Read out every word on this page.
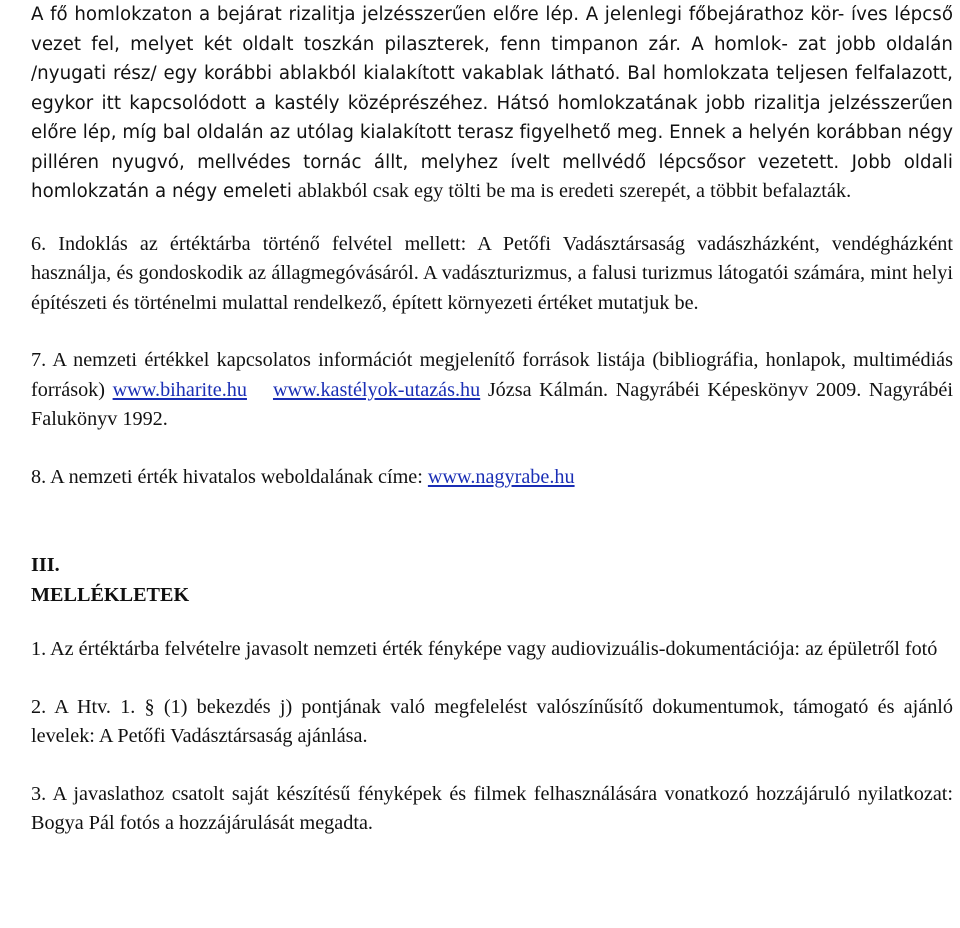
A fő homlokzaton a bejárat rizalitja jelzésszerűen előre lép. A jelenlegi főbejárathoz kör- íves lépcső vezet fel, melyet két oldalt toszkán pilaszterek, fenn timpanon zár. A homlok- zat jobb oldalán /nyugati rész/ egy korábbi ablakból kialakított vakablak látható. Bal homlokzata teljesen felfalazott, egykor itt kapcsolódott a kastély középrészéhez. Hátsó homlokzatának jobb rizalitja jelzésszerűen előre lép, míg bal oldalán az utólag kialakított terasz figyelhető meg. Ennek a helyén korábban négy pilléren nyugvó, mellvédes tornác állt, melyhez ívelt mellvédő lépcsősor vezetett. Jobb oldali homlokzatán a négy emeleti ablakból csak egy tölti be ma is eredeti szerepét, a többit befalazták.

6. Indoklás az értéktárba történő felvétel mellett: A Petőfi Vadásztársaság vadászházként, vendégházként használja, és gondoskodik az állagmegóvásáról. A vadászturizmus, a falusi turizmus látogatói számára, mint helyi építészeti és történelmi mulattal rendelkező, épített környezeti értéket mutatjuk be.

7. A nemzeti értékkel kapcsolatos információt megjelenítő források listája (bibliográfia, honlapok, multimédiás források) www.biharite.hu www.kastélyok-utazás.hu Józsa Kálmán. Nagyrábéi Képeskönyv 2009. Nagyrábéi Falukönyv 1992.

8. A nemzeti érték hivatalos weboldalának címe: www.nagyrabe.hu

III.

MELLÉKLETEK

1. Az értéktárba felvételre javasolt nemzeti érték fényképe vagy audiovizuális-dokumentációja: az épületről fotó

2. A Htv. 1. § (1) bekezdés j) pontjának való megfelelést valószínűsítő dokumentumok, támogató és ajánló levelek: A Petőfi Vadásztársaság ajánlása.

3. A javaslathoz csatolt saját készítésű fényképek és filmek felhasználására vonatkozó hozzájáruló nyilatkozat: Bogya Pál fotós a hozzájárulását megadta.
